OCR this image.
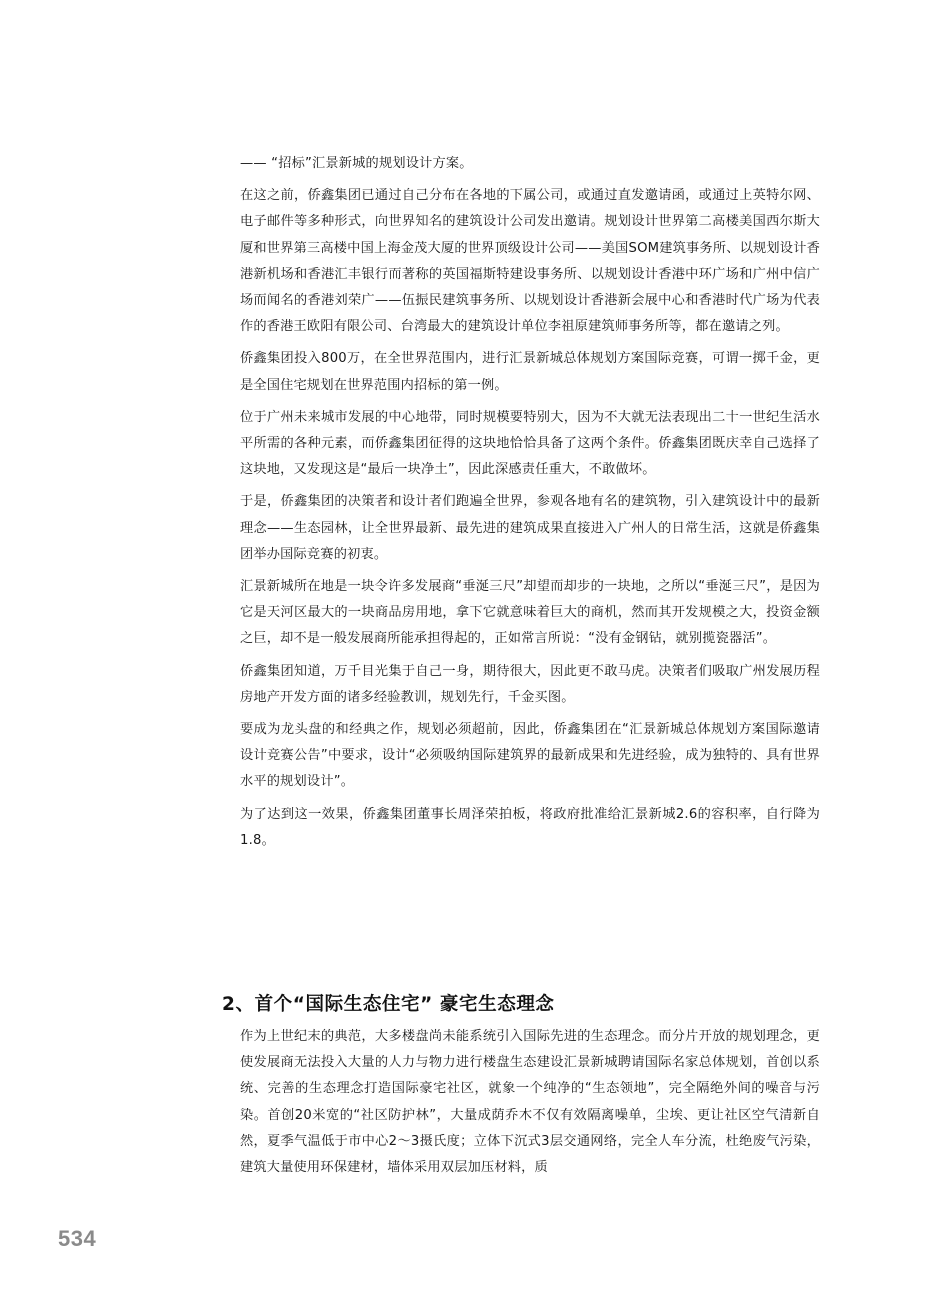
—— “招标”汇景新城的规划设计方案。

在这之前，侨鑫集团已通过自己分布在各地的下属公司，或通过直发邀请函，或通过上英特尔网、电子邮件等多种形式，向世界知名的建筑设计公司发出邀请。规划设计世界第二高楼美国西尔斯大厦和世界第三高楼中国上海金茂大厦的世界顶级设计公司——美国SOM建筑事务所、以规划设计香港新机场和香港汇丰银行而著称的英国福斯特建设事务所、以规划设计香港中环广场和广州中信广场而闻名的香港刘荣广——伍振民建筑事务所、以规划设计香港新会展中心和香港时代广场为代表作的香港王欧阳有限公司、台湾最大的建筑设计单位李祖原建筑师事务所等，都在邀请之列。

侨鑫集团投入800万，在全世界范围内，进行汇景新城总体规划方案国际竞赛，可谓一掷千金，更是全国住宅规划在世界范围内招标的第一例。

位于广州未来城市发展的中心地带，同时规模要特别大，因为不大就无法表现出二十一世纪生活水平所需的各种元素，而侨鑫集团征得的这块地恰恰具备了这两个条件。侨鑫集团既庆幸自己选择了这块地，又发现这是“最后一块净土”，因此深感责任重大，不敢做坏。

于是，侨鑫集团的决策者和设计者们跑遍全世界，参观各地有名的建筑物，引入建筑设计中的最新理念——生态园林，让全世界最新、最先进的建筑成果直接进入广州人的日常生活，这就是侨鑫集团举办国际竞赛的初衷。

汇景新城所在地是一块令许多发展商“垂涎三尺”却望而却步的一块地，之所以“垂涎三尺”，是因为它是天河区最大的一块商品房用地，拿下它就意味着巨大的商机，然而其开发规模之大，投资金额之巨，却不是一般发展商所能承担得起的，正如常言所说：“没有金钢钻，就别揽瓷器活”。

侨鑫集团知道，万千目光集于自己一身，期待很大，因此更不敢马虎。决策者们吸取广州发展历程房地产开发方面的诸多经验教训，规划先行，千金买图。

要成为龙头盘的和经典之作，规划必须超前，因此，侨鑫集团在“汇景新城总体规划方案国际邀请设计竞赛公告”中要求，设计“必须吸纳国际建筑界的最新成果和先进经验，成为独特的、具有世界水平的规划设计”。

为了达到这一效果，侨鑫集团董事长周泽荣拍板，将政府批准给汇景新城2.6的容积率，自行降为1.8。

2、首个“国际生态住宅” 豪宅生态理念

作为上世纪末的典范，大多楼盘尚未能系统引入国际先进的生态理念。而分片开放的规划理念，更使发展商无法投入大量的人力与物力进行楼盘生态建设汇景新城聘请国际名家总体规划，首创以系统、完善的生态理念打造国际豪宅社区，就象一个纯净的“生态领地”，完全隔绝外间的噪音与污染。首创20米宽的“社区防护林”，大量成荫乔木不仅有效隔离噪单，尘埃、更让社区空气清新自然，夏季气温低于市中心2～3摄氏度；立体下沉式3层交通网络，完全人车分流，杜绝废气污染，建筑大量使用环保建材，墙体采用双层加压材料，质

534
